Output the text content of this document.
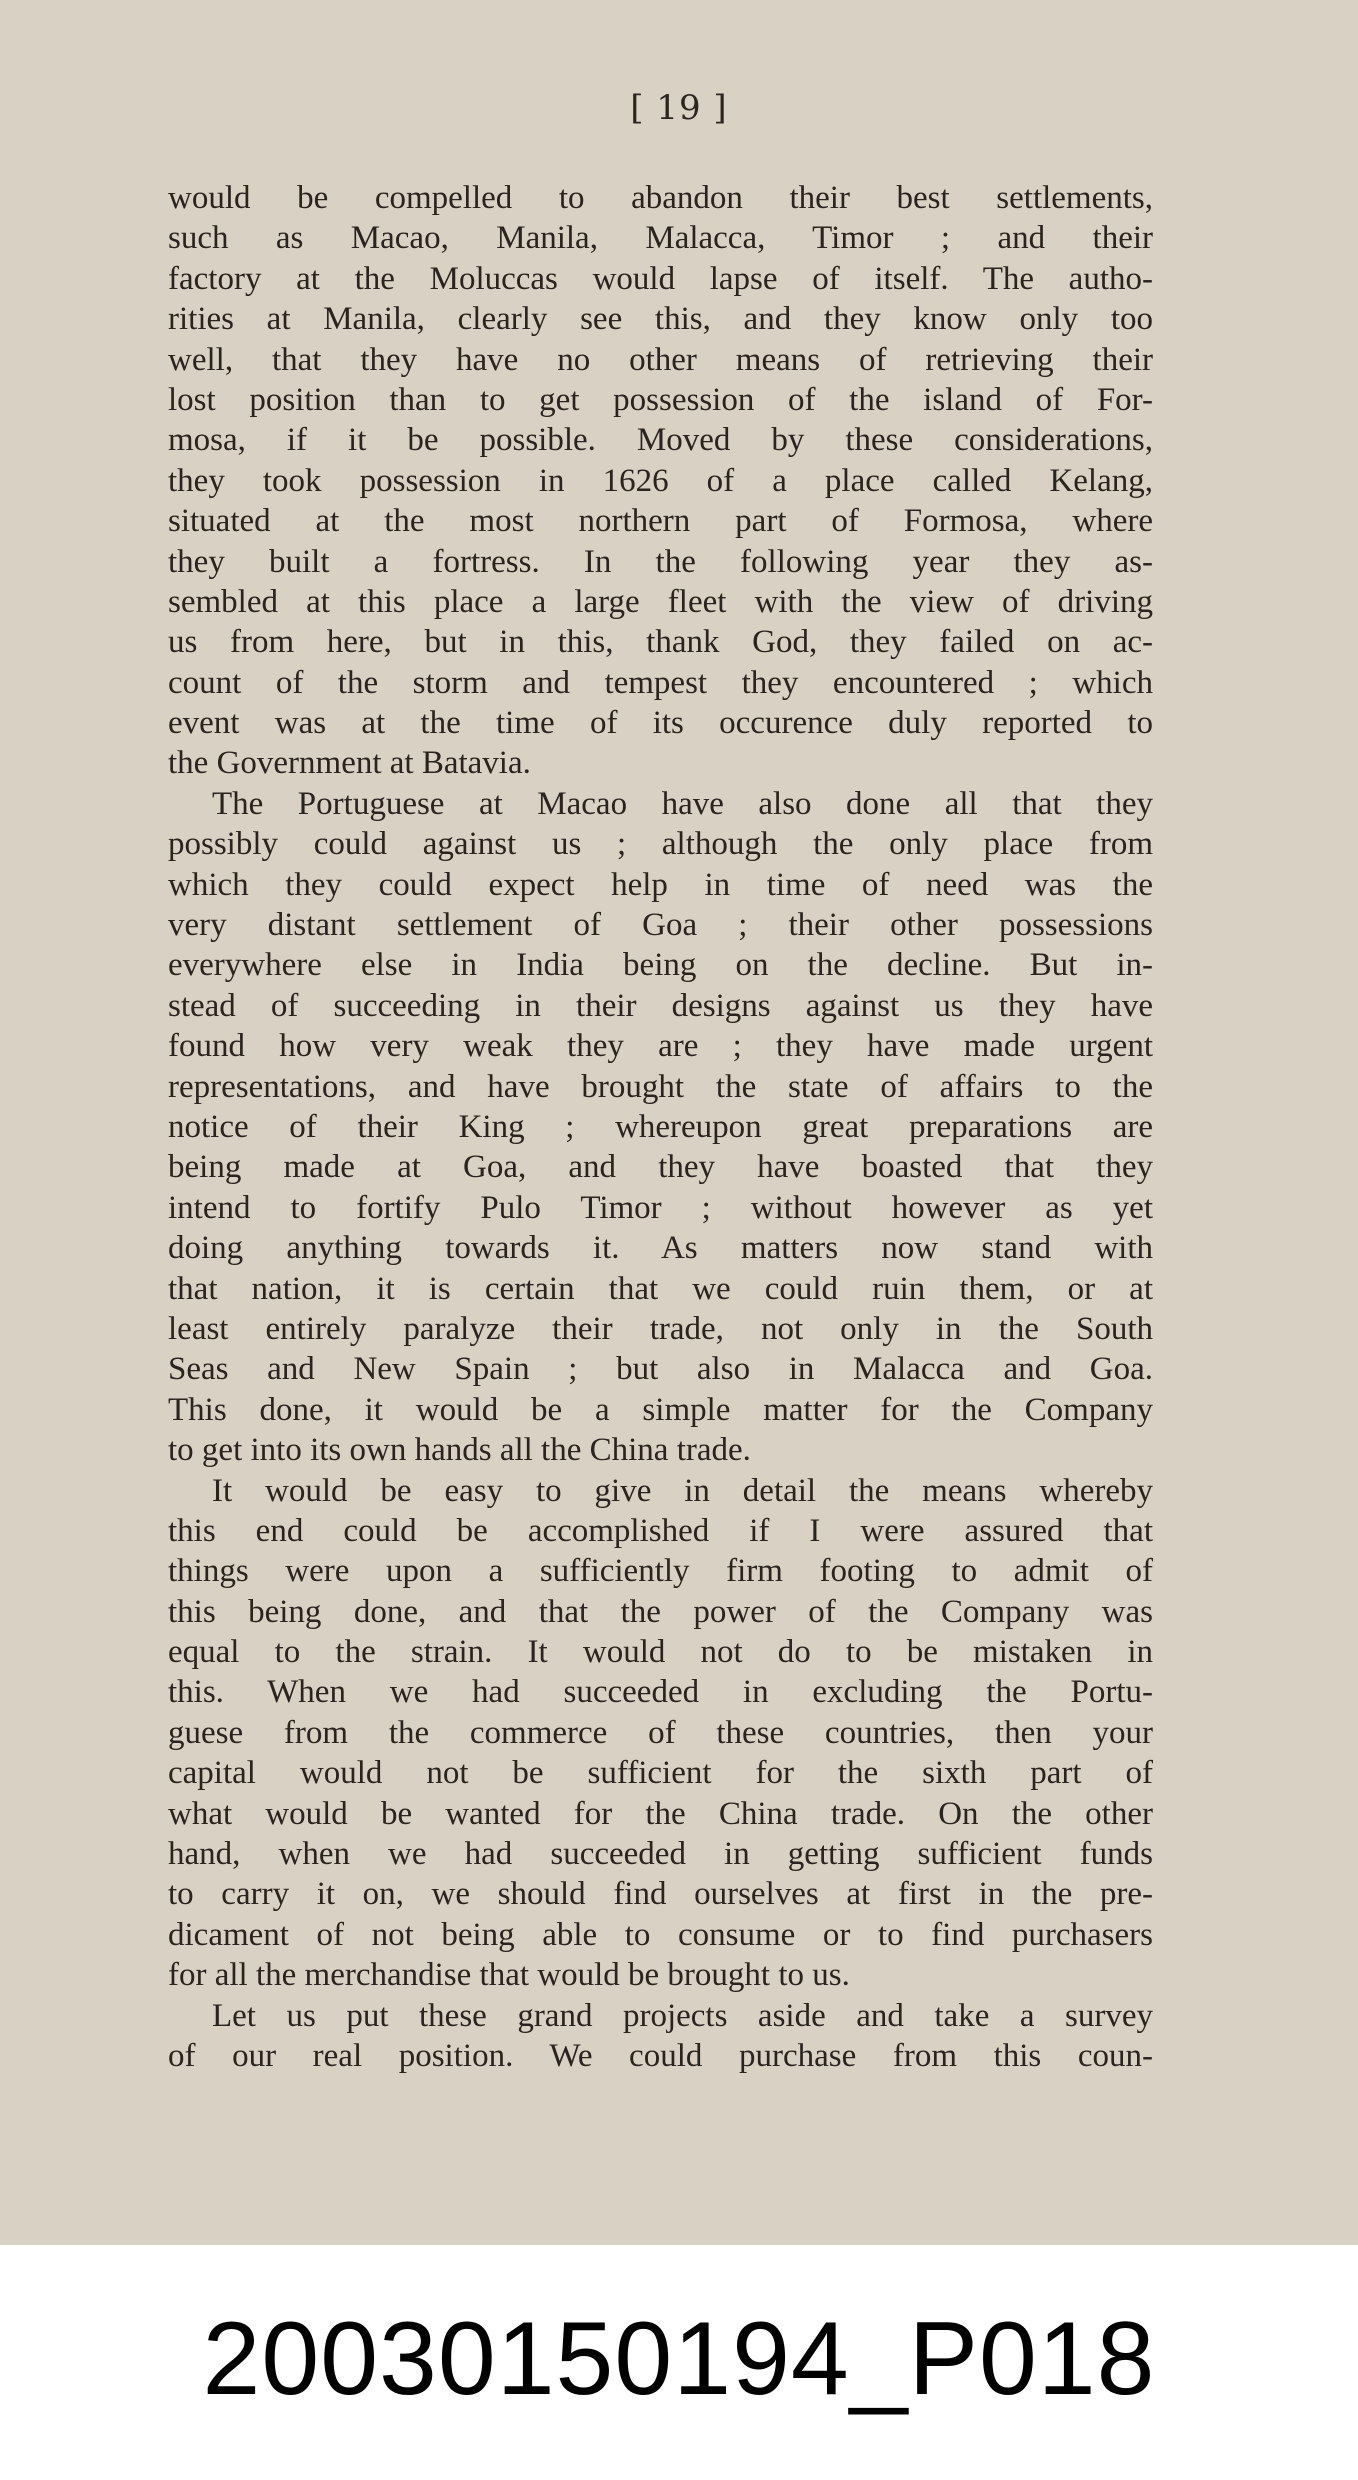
[ 19 ]
would be compelled to abandon their best settlements,
such as Macao, Manila, Malacca, Timor ; and their
factory at the Moluccas would lapse of itself. The autho-
rities at Manila, clearly see this, and they know only too
well, that they have no other means of retrieving their
lost position than to get possession of the island of For-
mosa, if it be possible. Moved by these considerations,
they took possession in 1626 of a place called Kelang,
situated at the most northern part of Formosa, where
they built a fortress. In the following year they as-
sembled at this place a large fleet with the view of driving
us from here, but in this, thank God, they failed on ac-
count of the storm and tempest they encountered ; which
event was at the time of its occurence duly reported to
the Government at Batavia.
The Portuguese at Macao have also done all that they
possibly could against us ; although the only place from
which they could expect help in time of need was the
very distant settlement of Goa ; their other possessions
everywhere else in India being on the decline. But in-
stead of succeeding in their designs against us they have
found how very weak they are ; they have made urgent
representations, and have brought the state of affairs to the
notice of their King ; whereupon great preparations are
being made at Goa, and they have boasted that they
intend to fortify Pulo Timor ; without however as yet
doing anything towards it. As matters now stand with
that nation, it is certain that we could ruin them, or at
least entirely paralyze their trade, not only in the South
Seas and New Spain ; but also in Malacca and Goa.
This done, it would be a simple matter for the Company
to get into its own hands all the China trade.
It would be easy to give in detail the means whereby
this end could be accomplished if I were assured that
things were upon a sufficiently firm footing to admit of
this being done, and that the power of the Company was
equal to the strain. It would not do to be mistaken in
this. When we had succeeded in excluding the Portu-
guese from the commerce of these countries, then your
capital would not be sufficient for the sixth part of
what would be wanted for the China trade. On the other
hand, when we had succeeded in getting sufficient funds
to carry it on, we should find ourselves at first in the pre-
dicament of not being able to consume or to find purchasers
for all the merchandise that would be brought to us.
Let us put these grand projects aside and take a survey
of our real position. We could purchase from this coun-
20030150194_P018
